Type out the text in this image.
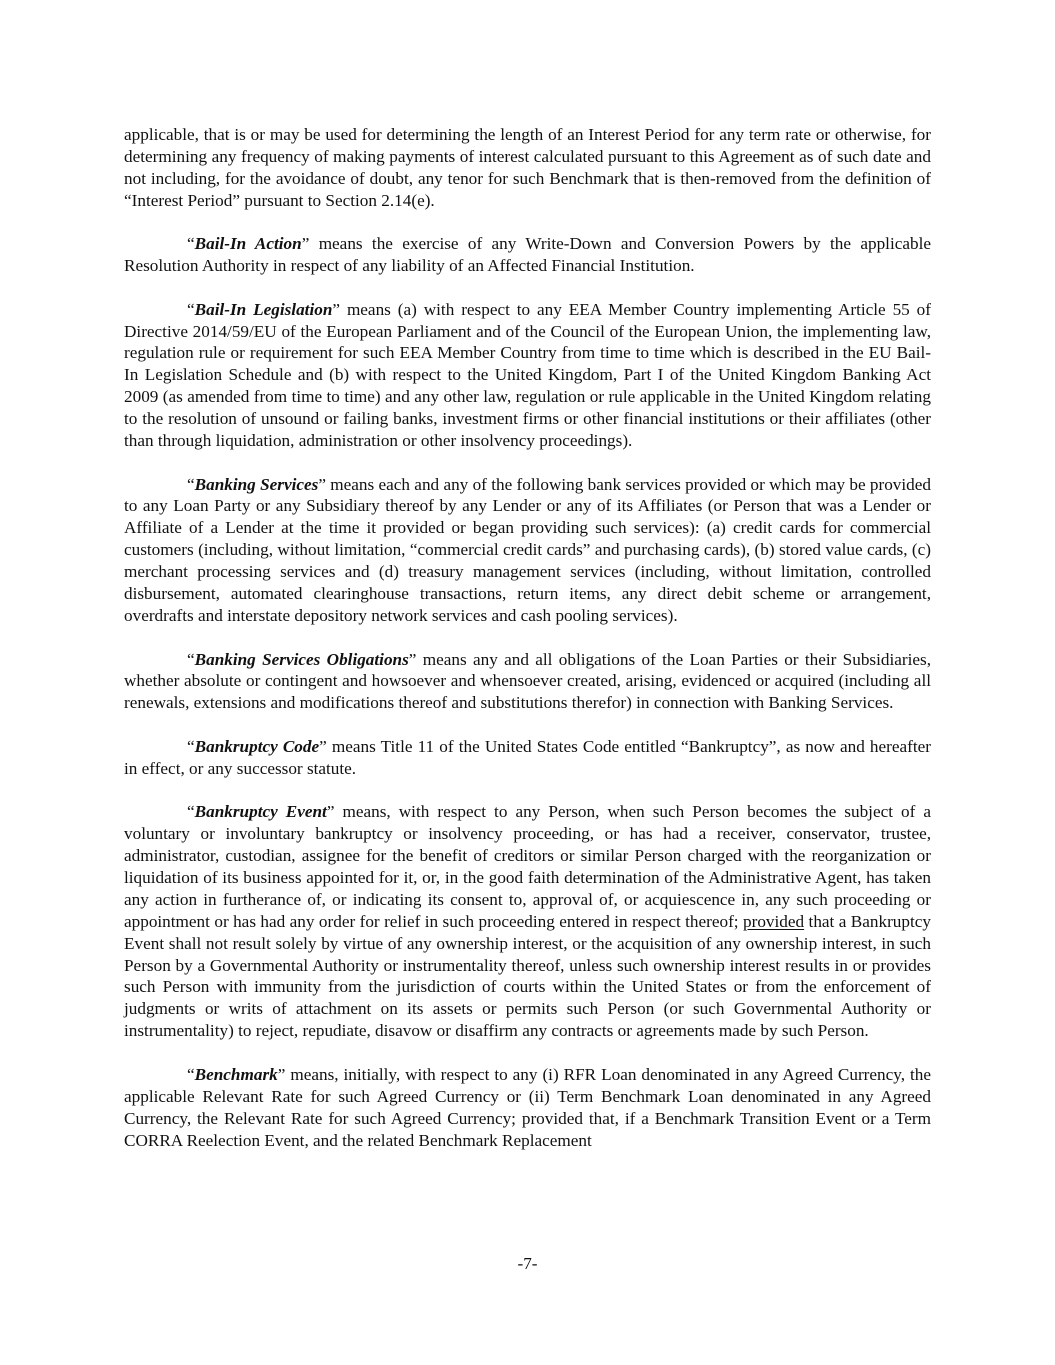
applicable, that is or may be used for determining the length of an Interest Period for any term rate or otherwise, for determining any frequency of making payments of interest calculated pursuant to this Agreement as of such date and not including, for the avoidance of doubt, any tenor for such Benchmark that is then-removed from the definition of “Interest Period” pursuant to Section 2.14(e).

“Bail-In Action” means the exercise of any Write-Down and Conversion Powers by the applicable Resolution Authority in respect of any liability of an Affected Financial Institution.

“Bail-In Legislation” means (a) with respect to any EEA Member Country implementing Article 55 of Directive 2014/59/EU of the European Parliament and of the Council of the European Union, the implementing law, regulation rule or requirement for such EEA Member Country from time to time which is described in the EU Bail-In Legislation Schedule and (b) with respect to the United Kingdom, Part I of the United Kingdom Banking Act 2009 (as amended from time to time) and any other law, regulation or rule applicable in the United Kingdom relating to the resolution of unsound or failing banks, investment firms or other financial institutions or their affiliates (other than through liquidation, administration or other insolvency proceedings).

“Banking Services” means each and any of the following bank services provided or which may be provided to any Loan Party or any Subsidiary thereof by any Lender or any of its Affiliates (or Person that was a Lender or Affiliate of a Lender at the time it provided or began providing such services): (a) credit cards for commercial customers (including, without limitation, “commercial credit cards” and purchasing cards), (b) stored value cards, (c) merchant processing services and (d) treasury management services (including, without limitation, controlled disbursement, automated clearinghouse transactions, return items, any direct debit scheme or arrangement, overdrafts and interstate depository network services and cash pooling services).

“Banking Services Obligations” means any and all obligations of the Loan Parties or their Subsidiaries, whether absolute or contingent and howsoever and whensoever created, arising, evidenced or acquired (including all renewals, extensions and modifications thereof and substitutions therefor) in connection with Banking Services.

“Bankruptcy Code” means Title 11 of the United States Code entitled “Bankruptcy”, as now and hereafter in effect, or any successor statute.

“Bankruptcy Event” means, with respect to any Person, when such Person becomes the subject of a voluntary or involuntary bankruptcy or insolvency proceeding, or has had a receiver, conservator, trustee, administrator, custodian, assignee for the benefit of creditors or similar Person charged with the reorganization or liquidation of its business appointed for it, or, in the good faith determination of the Administrative Agent, has taken any action in furtherance of, or indicating its consent to, approval of, or acquiescence in, any such proceeding or appointment or has had any order for relief in such proceeding entered in respect thereof; provided that a Bankruptcy Event shall not result solely by virtue of any ownership interest, or the acquisition of any ownership interest, in such Person by a Governmental Authority or instrumentality thereof, unless such ownership interest results in or provides such Person with immunity from the jurisdiction of courts within the United States or from the enforcement of judgments or writs of attachment on its assets or permits such Person (or such Governmental Authority or instrumentality) to reject, repudiate, disavow or disaffirm any contracts or agreements made by such Person.

“Benchmark” means, initially, with respect to any (i) RFR Loan denominated in any Agreed Currency, the applicable Relevant Rate for such Agreed Currency or (ii) Term Benchmark Loan denominated in any Agreed Currency, the Relevant Rate for such Agreed Currency; provided that, if a Benchmark Transition Event or a Term CORRA Reelection Event, and the related Benchmark Replacement

-7-
